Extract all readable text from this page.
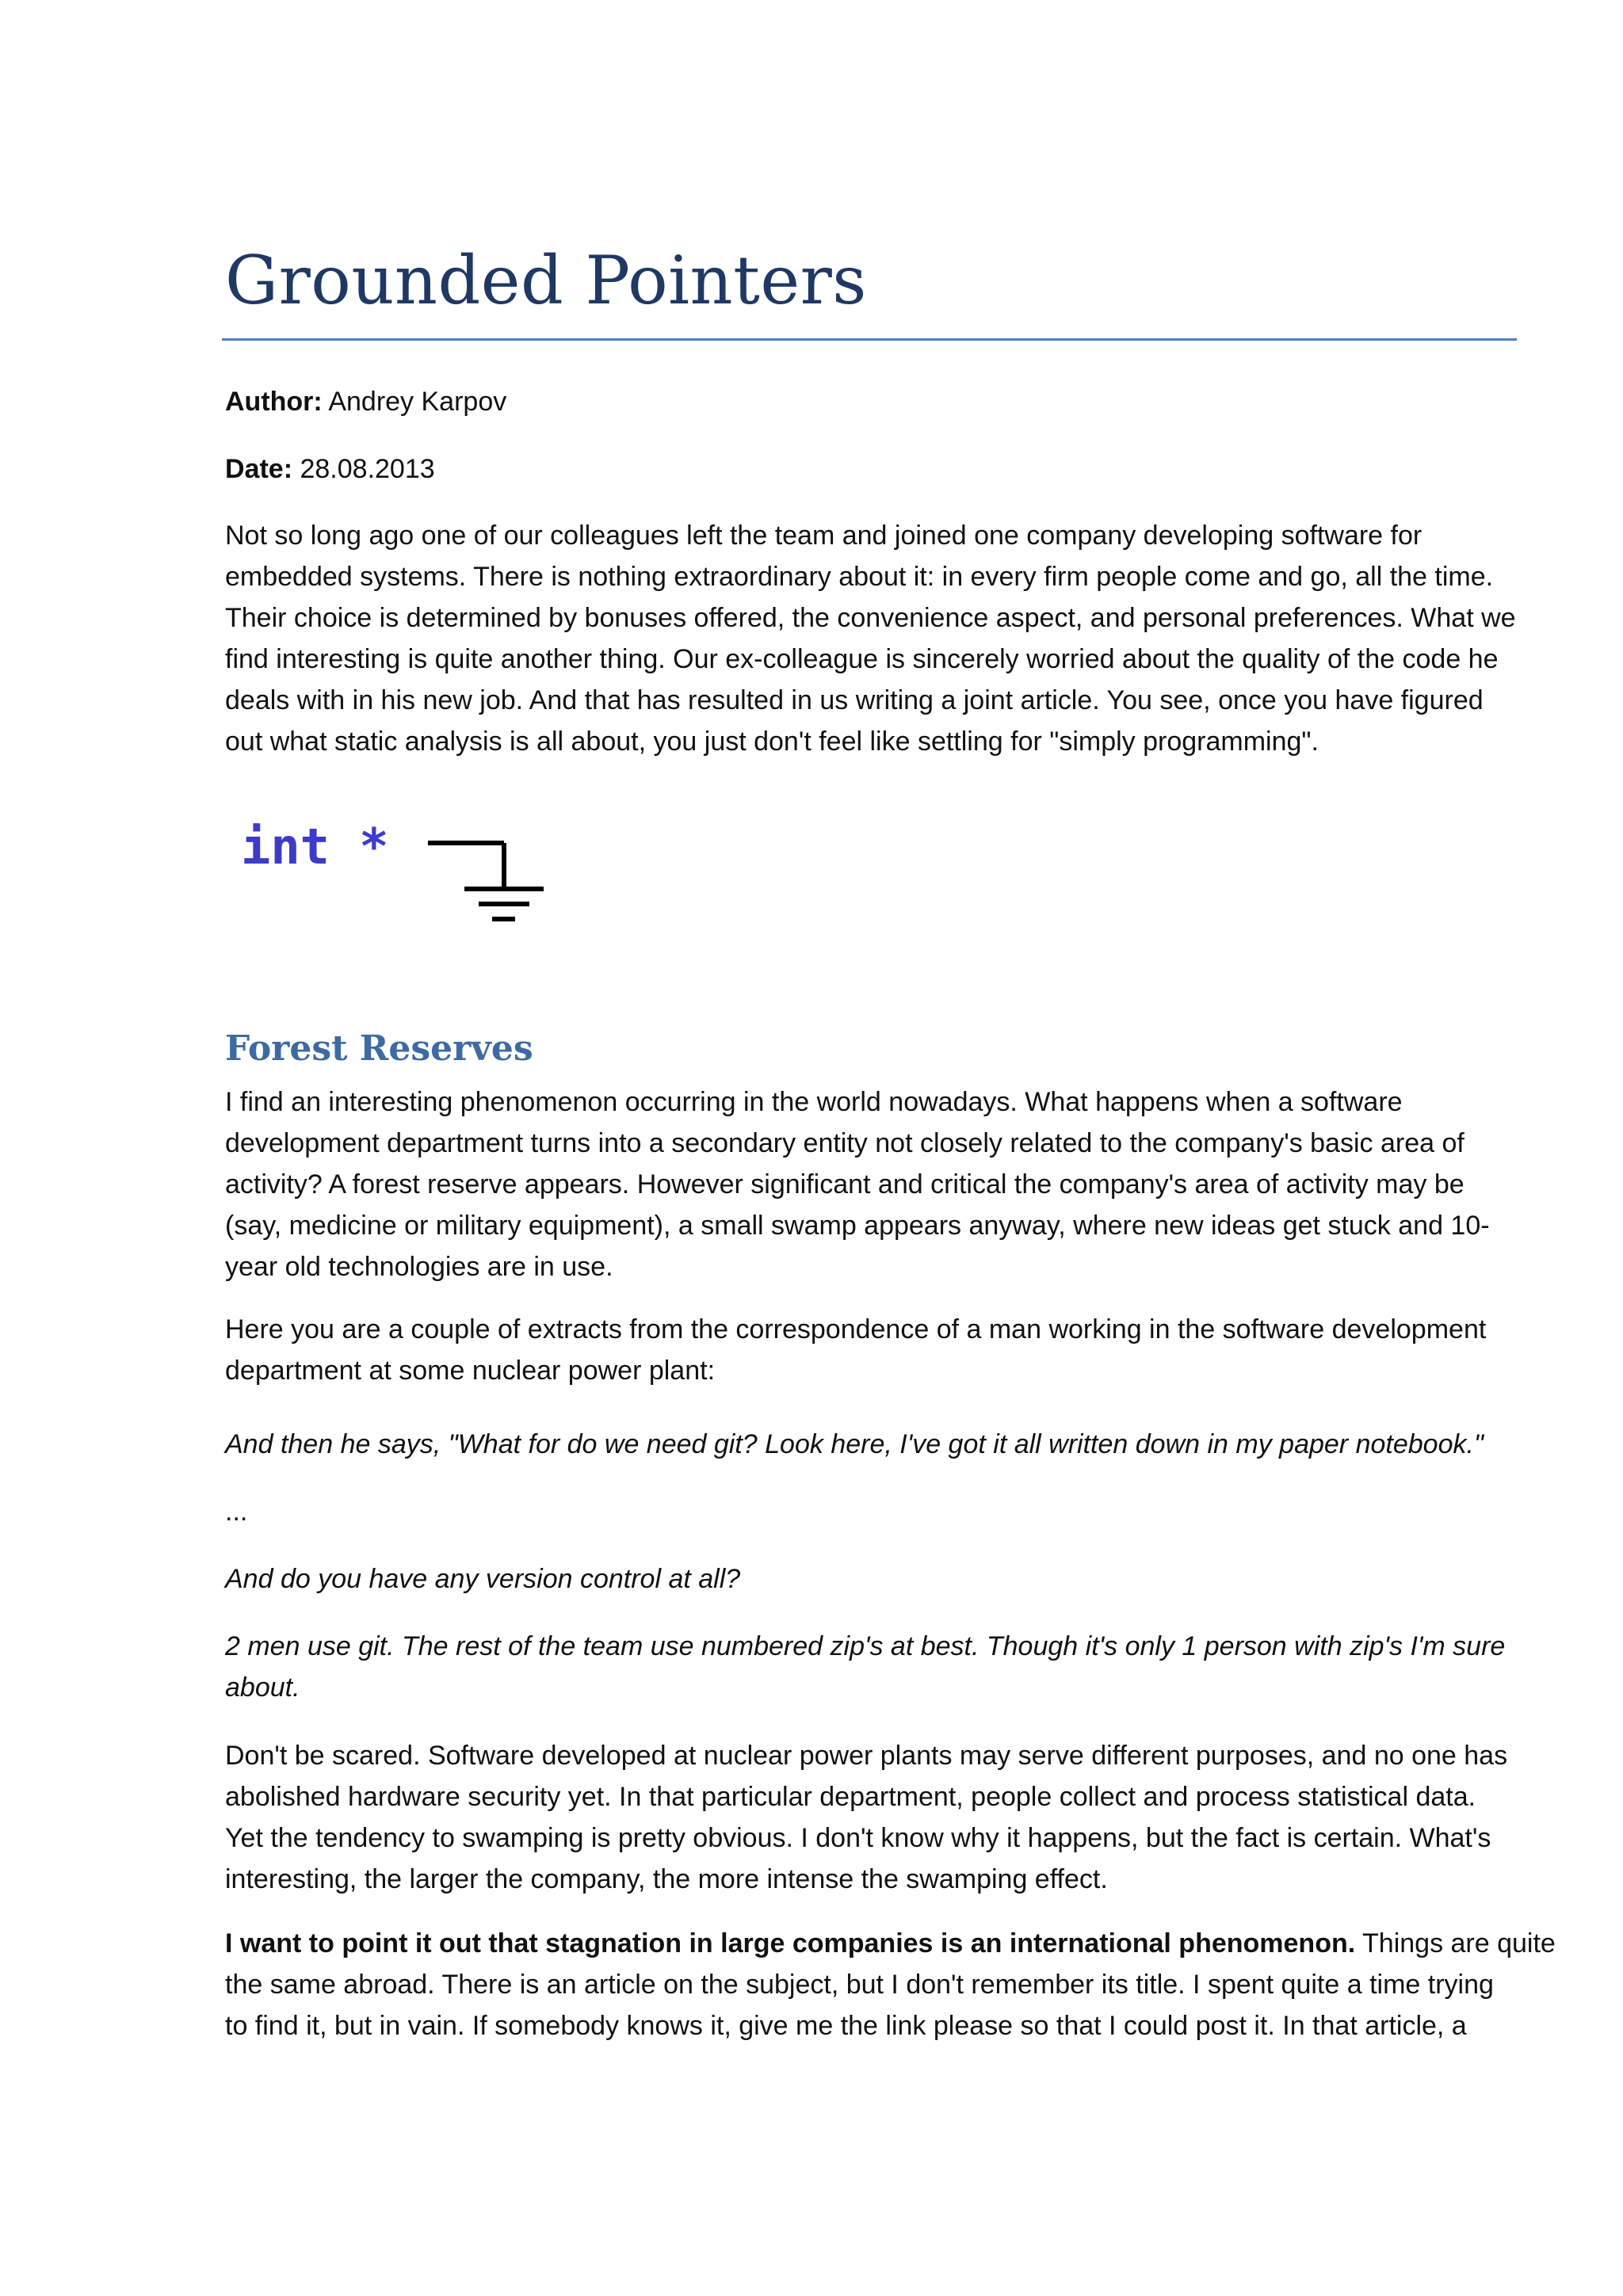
Grounded Pointers
Author: Andrey Karpov
Date: 28.08.2013

Not so long ago one of our colleagues left the team and joined one company developing software for
embedded systems. There is nothing extraordinary about it: in every firm people come and go, all the time.
Their choice is determined by bonuses offered, the convenience aspect, and personal preferences. What we
find interesting is quite another thing. Our ex-colleague is sincerely worried about the quality of the code he
deals with in his new job. And that has resulted in us writing a joint article. You see, once you have figured
out what static analysis is all about, you just don't feel like settling for "simply programming".

int *
Forest Reserves

I find an interesting phenomenon occurring in the world nowadays. What happens when a software
development department turns into a secondary entity not closely related to the company's basic area of
activity? A forest reserve appears. However significant and critical the company's area of activity may be
(say, medicine or military equipment), a small swamp appears anyway, where new ideas get stuck and 10-
year old technologies are in use.

Here you are a couple of extracts from the correspondence of a man working in the software development
department at some nuclear power plant:

And then he says, "What for do we need git? Look here, I've got it all written down in my paper notebook."

...

And do you have any version control at all?

2 men use git. The rest of the team use numbered zip's at best. Though it's only 1 person with zip's I'm sure
about.

Don't be scared. Software developed at nuclear power plants may serve different purposes, and no one has
abolished hardware security yet. In that particular department, people collect and process statistical data.
Yet the tendency to swamping is pretty obvious. I don't know why it happens, but the fact is certain. What's
interesting, the larger the company, the more intense the swamping effect.

I want to point it out that stagnation in large companies is an international phenomenon. Things are quite
the same abroad. There is an article on the subject, but I don't remember its title. I spent quite a time trying
to find it, but in vain. If somebody knows it, give me the link please so that I could post it. In that article, a
